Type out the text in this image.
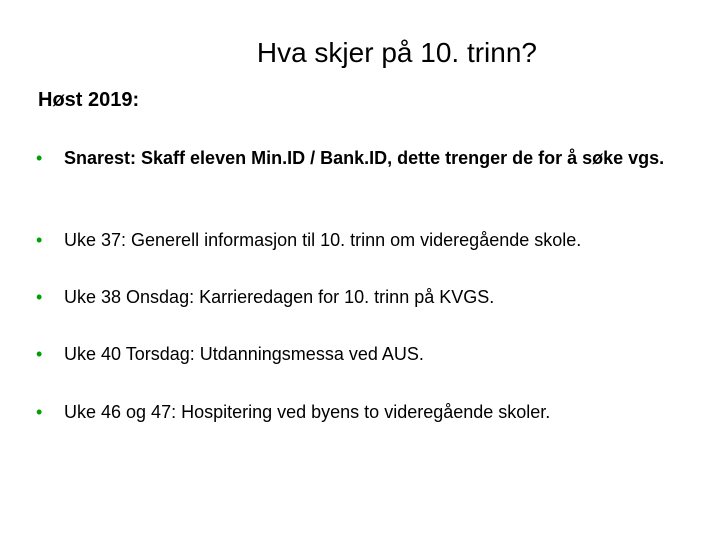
Hva skjer på 10. trinn?
Høst 2019:
•	Snarest: Skaff eleven Min.ID / Bank.ID, dette trenger de for å søke vgs.
•	Uke 37: Generell informasjon til 10. trinn om videregående skole.
•	Uke 38 Onsdag: Karrieredagen for 10. trinn på KVGS.
•	Uke 40 Torsdag: Utdanningsmessa ved AUS.
•	Uke 46 og 47: Hospitering ved byens to videregående skoler.
